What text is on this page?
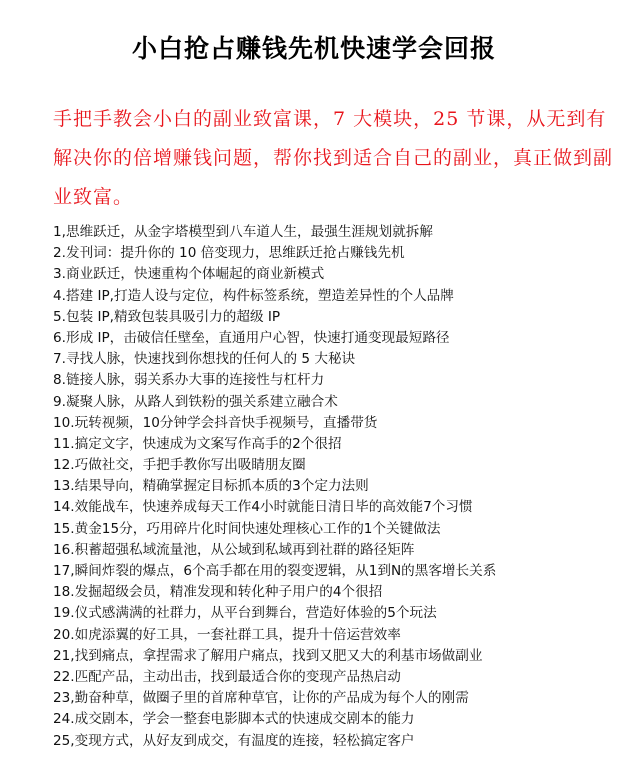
小白抢占赚钱先机快速学会回报
手把手教会小白的副业致富课，7 大模块，25 节课，从无到有解决你的倍增赚钱问题，帮你找到适合自己的副业，真正做到副业致富。
1,思维跃迁，从金字塔模型到八车道人生，最强生涯规划就拆解
2.发刊词：提升你的 10 倍变现力，思维跃迁抢占赚钱先机
3.商业跃迁，快速重构个体崛起的商业新模式
4.搭建 IP,打造人设与定位，构件标签系统，塑造差异性的个人品牌
5.包装 IP,精致包装具吸引力的超级 IP
6.形成 IP，击破信任壁垒，直通用户心智，快速打通变现最短路径
7.寻找人脉，快速找到你想找的任何人的 5 大秘诀
8.链接人脉，弱关系办大事的连接性与杠杆力
9.凝聚人脉，从路人到铁粉的强关系建立融合术
10.玩转视频，10分钟学会抖音快手视频号，直播带货
11.搞定文字，快速成为文案写作高手的2个很招
12.巧做社交，手把手教你写出吸睛朋友圈
13.结果导向，精确掌握定目标抓本质的3个定力法则
14.效能战车，快速养成每天工作4小时就能日清日毕的高效能7个习惯
15.黄金15分，巧用碎片化时间快速处理核心工作的1个关键做法
16.积蓄超强私域流量池，从公域到私域再到社群的路径矩阵
17,瞬间炸裂的爆点，6个高手都在用的裂变逻辑，从1到N的黑客增长关系
18.发掘超级会员，精准发现和转化种子用户的4个很招
19.仪式感满满的社群力，从平台到舞台，营造好体验的5个玩法
20.如虎添翼的好工具，一套社群工具，提升十倍运营效率
21,找到痛点，拿捏需求了解用户痛点，找到又肥又大的利基市场做副业
22.匹配产品，主动出击，找到最适合你的变现产品热启动
23,勤奋种草，做圈子里的首席种草官，让你的产品成为每个人的刚需
24.成交剧本，学会一整套电影脚本式的快速成交剧本的能力
25,变现方式，从好友到成交，有温度的连接，轻松搞定客户
